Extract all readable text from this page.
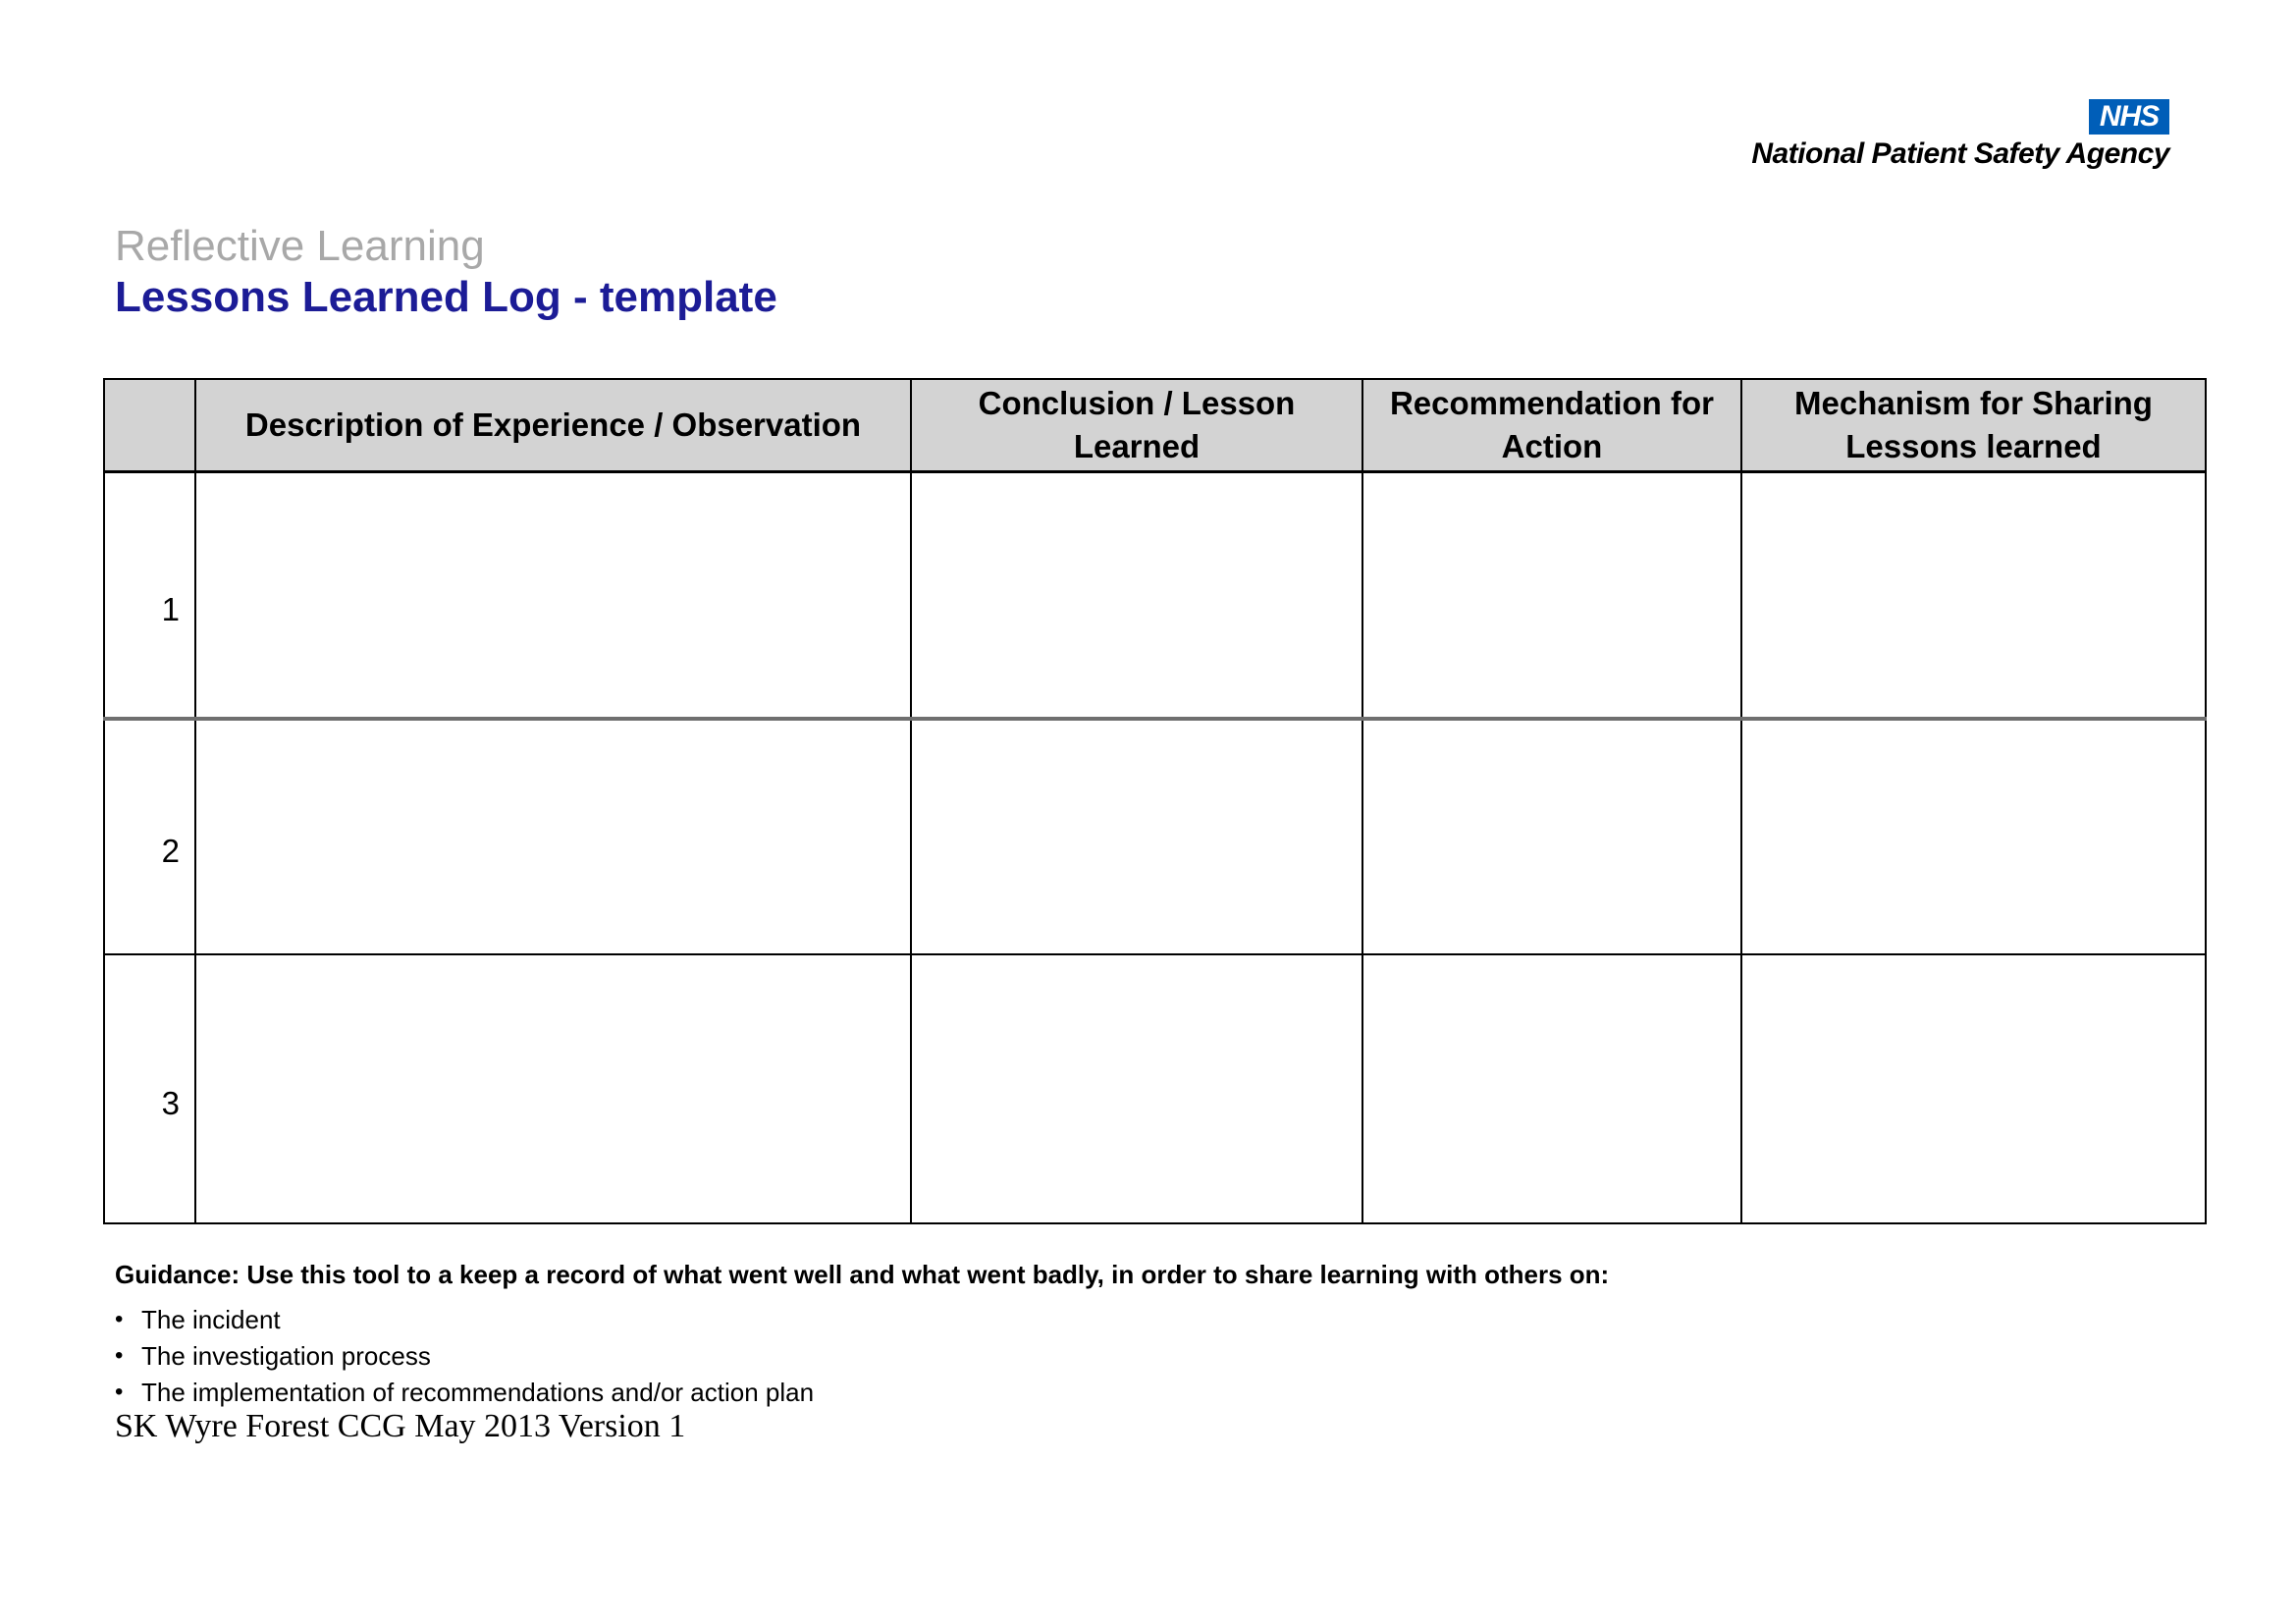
NHS
National Patient Safety Agency
Reflective Learning
Lessons Learned Log - template
	Description of Experience / Observation	Conclusion / Lesson Learned	Recommendation for Action	Mechanism for Sharing Lessons learned
1				
2				
3				

Guidance: Use this tool to a keep a record of what went well and what went badly, in order to share learning with others on:

• The incident
• The investigation process
• The implementation of recommendations and/or action plan
SK Wyre Forest CCG May 2013 Version 1
